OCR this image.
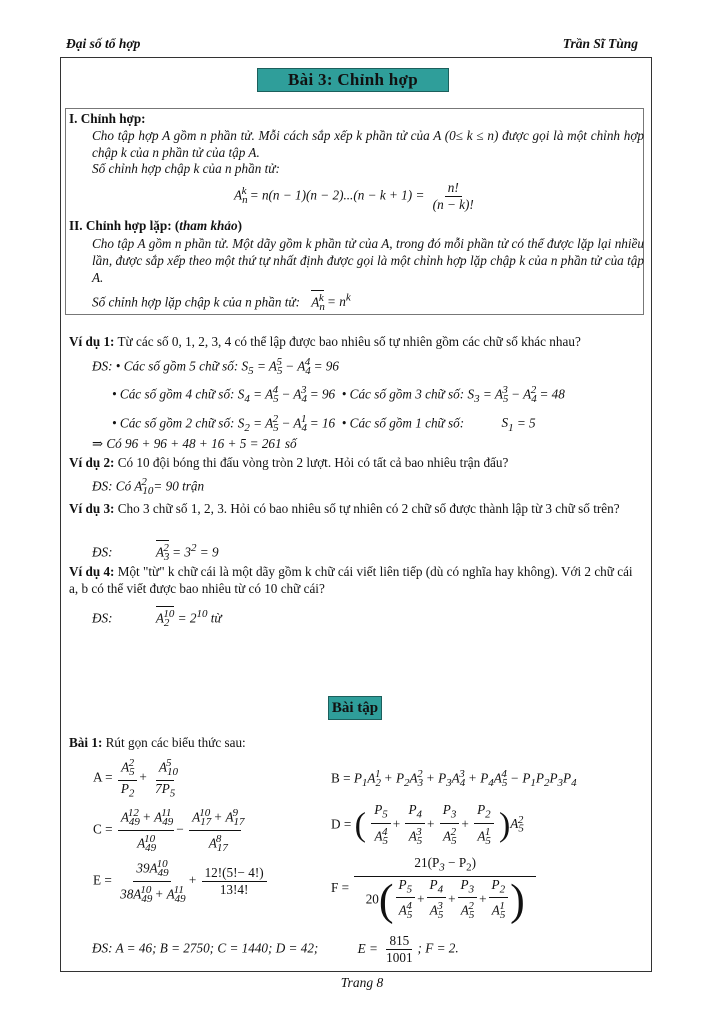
Đại số tổ hợp	Trần Sĩ Tùng
Bài 3: Chỉnh hợp
I. Chỉnh hợp:
Cho tập hợp A gồm n phần tử. Mỗi cách sắp xếp k phần tử của A (0≤ k ≤ n) được gọi là một chỉnh hợp chập k của n phần tử của tập A.
Số chỉnh hợp chập k của n phần tử:
$A_n^k = n(n - 1)(n - 2)...(n - k + 1) = \frac{n!}{(n - k)!}$
II. Chỉnh hợp lặp: (tham khảo)
Cho tập A gồm n phần tử. Một dãy gồm k phần tử của A, trong đó mỗi phần tử có thể được lặp lại nhiều lần, được sắp xếp theo một thứ tự nhất định được gọi là một chỉnh hợp lặp chập k của n phần tử của tập A.
Số chỉnh hợp lặp chập k của n phần tử: $A_n^k = n^k$
Ví dụ 1: Từ các số 0, 1, 2, 3, 4 có thể lập được bao nhiêu số tự nhiên gồm các chữ số khác nhau?
ĐS: • Các số gồm 5 chữ số: $S_5 = A_5^5 - A_4^4 = 96$
• Các số gồm 4 chữ số: $S_4 = A_5^4 - A_4^3 = 96$ • Các số gồm 3 chữ số: $S_3 = A_5^3 - A_4^2 = 48$
• Các số gồm 2 chữ số: $S_2 = A_5^2 - A_4^1 = 16$ • Các số gồm 1 chữ số:	$S_1 = 5$
⇒ Có 96 + 96 + 48 + 16 + 5 = 261 số
Ví dụ 2: Có 10 đội bóng thi đấu vòng tròn 2 lượt. Hỏi có tất cả bao nhiêu trận đấu?
ĐS: Có $A_{10}^2 = 90$ trận
Ví dụ 3: Cho 3 chữ số 1, 2, 3. Hỏi có bao nhiêu số tự nhiên có 2 chữ số được thành lập từ 3 chữ số trên?
ĐS:	$A_3^2 = 3^2 = 9$
Ví dụ 4: Một "từ" k chữ cái là một dãy gồm k chữ cái viết liên tiếp (dù có nghĩa hay không). Với 2 chữ cái a, b có thể viết được bao nhiêu từ có 10 chữ cái?
ĐS:	$A_2^{10} = 2^{10}$ từ
Bài tập
Bài 1: Rút gọn các biểu thức sau:
$A = \frac{A_5^2}{P_2} + \frac{A_{10}^5}{7P_5}$	$B = P_1A_2^1 + P_2A_3^2 + P_3A_4^3 + P_4A_5^4 - P_1P_2P_3P_4$
$C = \frac{A_{49}^{12} + A_{49}^{11}}{A_{49}^{10}} - \frac{A_{17}^{10} + A_{17}^9}{A_{17}^8}$	D = ( $\frac{P_5}{A_5^4} + \frac{P_4}{A_5^3} + \frac{P_3}{A_5^2} + \frac{P_2}{A_5^1} )A_5^2$
$E = \frac{39A_{49}^{10}}{38A_{49}^{10} + A_{49}^{11}} + \frac{12!(5!- 4!)}{13!4!}$	$F = \frac{21(P_3 - P_2)}{20( \frac{P_5}{A_5^4} + \frac{P_4}{A_5^3} + \frac{P_3}{A_5^2} + \frac{P_2}{A_5^1} )}$
ĐS: A = 46; B = 2750; C = 1440; D = 42;	$E = \frac{815}{1001}$ ; F = 2.
Trang 8
